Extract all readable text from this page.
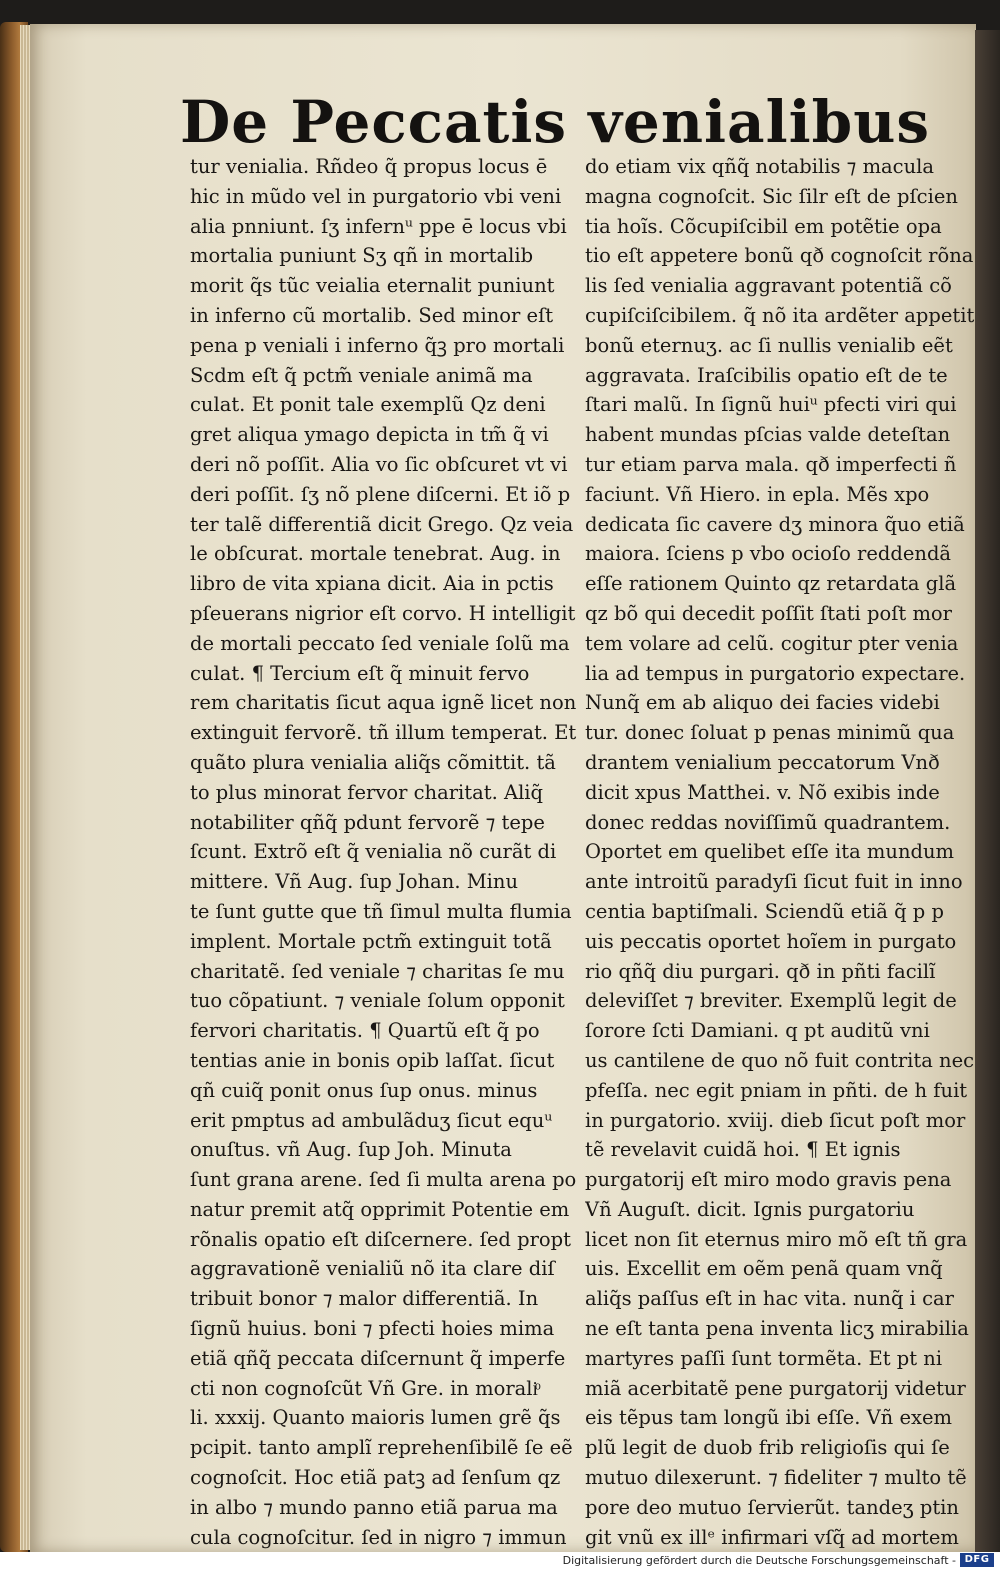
De Peccatis venialibus
tur venialia. Rñdeo q̃ propus locus ē
hic in mũdo vel in purgatorio vbi veni
alia pnniunt. ſʒ infernᵘ ppe ē locus vbi
mortalia puniunt Sʒ qñ in mortalib
morit q̃s tũc veialia eternalit puniunt
in inferno cũ mortalib. Sed minor eſt
pena p veniali i inferno q̃ꝫ pro mortali
Scdm eſt q̃ pctm̃ veniale animã ma
culat. Et ponit tale exemplũ Qz deni
gret aliqua ymago depicta in tm̃ q̃ vi
deri nõ poſſit. Alia vo ſic obſcuret vt vi
deri poſſit. ſʒ nõ plene diſcerni. Et iõ p
ter talẽ differentiã dicit Grego. Qz veia
le obſcurat. mortale tenebrat. Aug. in
libro de vita xpiana dicit. Aia in pctis
pſeuerans nigrior eſt corvo. H intelligit
de mortali peccato ſed veniale ſolũ ma
culat. ¶ Tercium eſt q̃ minuit fervo
rem charitatis ſicut aqua ignẽ licet non
extinguit fervorẽ. tñ illum temperat. Et
quãto plura venialia aliq̃s cõmittit. tã
to plus minorat fervor charitat. Aliq̃
notabiliter qñq̃ pdunt fervorẽ ⁊ tepe
ſcunt. Extrõ eſt q̃ venialia nõ curãt di
mittere. Vñ Aug. ſup Johan. Minu
te ſunt gutte que tñ ſimul multa flumia
implent. Mortale pctm̃ extinguit totã
charitatẽ. ſed veniale ⁊ charitas ſe mu
tuo cõpatiunt. ⁊ veniale ſolum opponit
fervori charitatis. ¶ Quartũ eſt q̃ po
tentias anie in bonis opib laſſat. ſicut
qñ cuiq̃ ponit onus ſup onus. minus
erit pmptus ad ambulãduʒ ſicut equᵘ
onuſtus. vñ Aug. ſup Joh. Minuta
ſunt grana arene. ſed ſi multa arena po
natur premit atq̃ opprimit Potentie em
rõnalis opatio eſt diſcernere. ſed propt
aggravationẽ venialiũ nõ ita clare diſ
tribuit bonor ⁊ malor differentiã. In
ſignũ huius. boni ⁊ pfecti hoies mima
etiã qñq̃ peccata diſcernunt q̃ imperfe
cti non cognoſcũt Vñ Gre. in moraliͦ
li. xxxij. Quanto maioris lumen grẽ q̃s
pcipit. tanto amplĩ reprehenſibilẽ ſe eẽ
cognoſcit. Hoc etiã patꝫ ad ſenſum qz
in albo ⁊ mundo panno etiã parua ma
cula cognoſcitur. ſed in nigro ⁊ immun
do etiam vix qñq̃ notabilis ⁊ macula
magna cognoſcit. Sic ſilr eſt de pſcien
tia hoĩs. Cõcupiſcibil em potẽtie opa
tio eſt appetere bonũ qð cognoſcit rõna
lis ſed venialia aggravant potentiã cõ
cupiſciſcibilem. q̃ nõ ita ardẽter appetit
bonũ eternuʒ. ac ſi nullis venialib eẽt
aggravata. Iraſcibilis opatio eſt de te
ſtari malũ. In ſignũ huiᵘ pfecti viri qui
habent mundas pſcias valde deteſtan
tur etiam parva mala. qð imperfecti ñ
faciunt. Vñ Hiero. in epla. Mẽs xpo
dedicata ſic cavere dʒ minora q̃uo etiã
maiora. ſciens p vbo ocioſo reddendã
eſſe rationem Quinto qz retardata glã
qz bõ qui decedit poſſit ſtati poſt mor
tem volare ad celũ. cogitur pter venia
lia ad tempus in purgatorio expectare.
Nunq̃ em ab aliquo dei facies videbi
tur. donec ſoluat p penas minimũ qua
drantem venialium peccatorum Vnð
dicit xpus Matthei. v. Nõ exibis inde
donec reddas noviſſimũ quadrantem.
Oportet em quelibet eſſe ita mundum
ante introitũ paradyſi ſicut fuit in inno
centia baptiſmali. Sciendũ etiã q̃ p p
uis peccatis oportet hoĩem in purgato
rio qñq̃ diu purgari. qð in pñti facilĩ
deleviſſet ⁊ breviter. Exemplũ legit de
ſorore ſcti Damiani. q pt auditũ vni
us cantilene de quo nõ fuit contrita nec
pfeſſa. nec egit pniam in pñti. de h fuit
in purgatorio. xviij. dieb ſicut poſt mor
tẽ revelavit cuidã hoi. ¶ Et ignis
purgatorij eſt miro modo gravis pena
Vñ Auguſt. dicit. Ignis purgatoriu
licet non ſit eternus miro mõ eſt tñ gra
uis. Excellit em oẽm penã quam vnq̃
aliq̃s paſſus eſt in hac vita. nunq̃ i car
ne eſt tanta pena inventa licʒ mirabilia
martyres paſſi ſunt tormẽta. Et pt ni
miã acerbitatẽ pene purgatorij videtur
eis tẽpus tam longũ ibi eſſe. Vñ exem
plũ legit de duob frib religioſis qui ſe
mutuo dilexerunt. ⁊ fideliter ⁊ multo tẽ
pore deo mutuo ſervierũt. tandeʒ ptin
git vnũ ex illᵉ infirmari vſq̃ ad mortem
Digitalisierung gefördert durch die Deutsche Forschungsgemeinschaft - DFG
